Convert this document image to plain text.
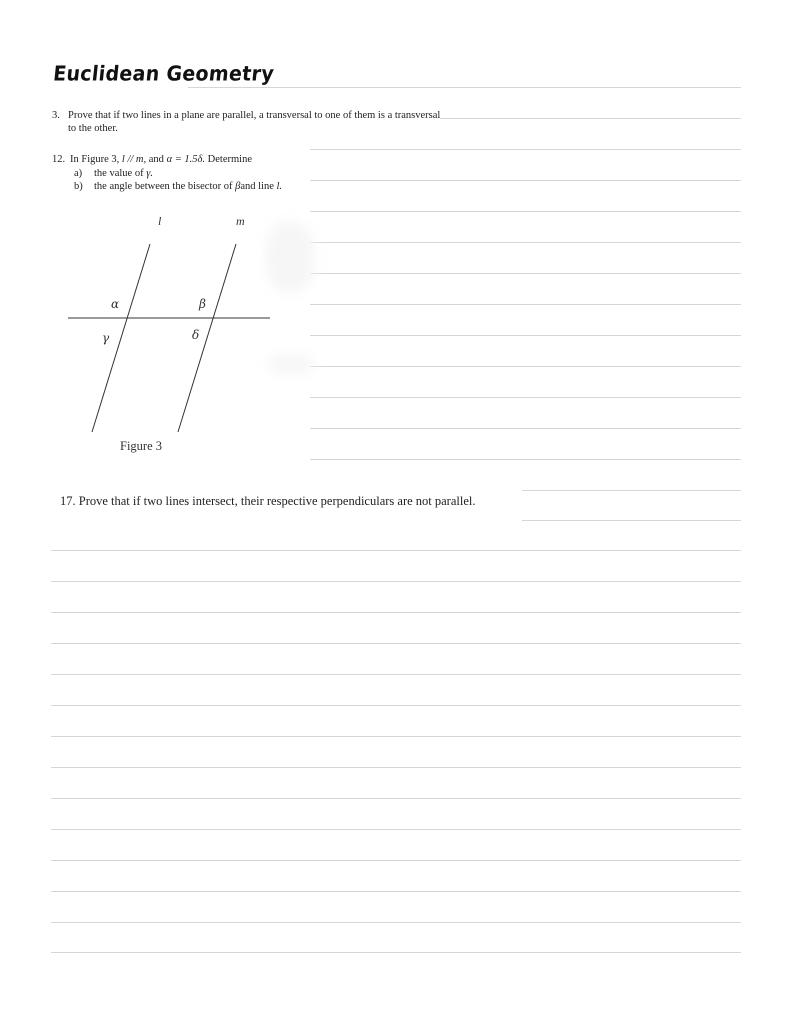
Euclidean Geometry
3. Prove that if two lines in a plane are parallel, a transversal to one of them is a transversal to the other.
12. In Figure 3, l // m, and α = 1.5δ. Determine
a) the value of γ.
b) the angle between the bisector of βand line l.
l	m
α	β
γ	δ
Figure 3
17. Prove that if two lines intersect, their respective perpendiculars are not parallel.
